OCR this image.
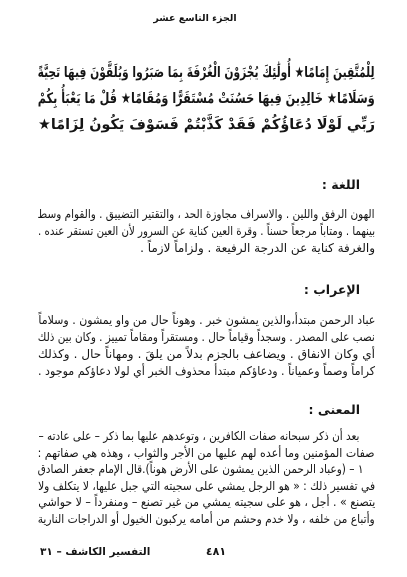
الجزء التاسع عشر
لِلْمُتَّقِينَ إِمَامًا★ أُولَٰئِكَ يُجْزَوْنَ الْغُرْفَةَ بِمَا صَبَرُوا وَيُلَقَّوْنَ فِيهَا تَحِيَّةً
وَسَلَامًا★ خَالِدِينَ فِيهَا حَسُنَتْ مُسْتَقَرًّا وَمُقَامًا★ قُلْ مَا يَعْبَأُ بِكُمْ
رَبِّي لَوْلَا دُعَاؤُكُمْ فَقَدْ كَذَّبْتُمْ فَسَوْفَ يَكُونُ لِزَامًا★
اللغة :
الهون الرفق واللين . والاسراف مجاوزة الحد ، والتقتير التضييق . والقوام وسط
بينهما . ومتاباً مرجعاً حسناً . وقرة العين كناية عن السرور لأن العين تستقر عنده .
والغرفة كناية عن الدرجة الرفيعة . ولزاماً لازماً .
الإعراب :
عباد الرحمن مبتدأ،والذين يمشون خبر . وهوناً حال من واو يمشون . وسلاماً
نصب على المصدر . وسجداً وقياماً حال . ومستقراً ومقاماً تمييز . وكان بين ذلك
أي وكان الانفاق . ويضاعف بالجزم بدلاً من يلقَ . ومهاناً حال . وكذلك
كراماً وصماً وعمياناً . ودعاؤكم مبتدأ محذوف الخبر أي لولا دعاؤكم موجود .
المعنى :
بعد أن ذكر سبحانه صفات الكافرين ، وتوعدهم عليها بما ذكر – على عادته –
صفات المؤمنين وما أعده لهم عليها من الأجر والثواب ، وهذه هي صفاتهم :
١ – (وعباد الرحمن الذين يمشون على الأرض هوناً).قال الإمام جعفر الصادق
في تفسير ذلك : « هو الرجل يمشي على سجيته التي جبل عليها، لا يتكلف ولا
يتصنع » . أجل ، هو على سجيته يمشي من غير تصنع – ومنفرداً – لا حواشي
وأتباع من خلفه ، ولا خدم وحشم من أمامه يركبون الخيول أو الدراجات النارية
التفسير الكاشف – ٣١	٤٨١
